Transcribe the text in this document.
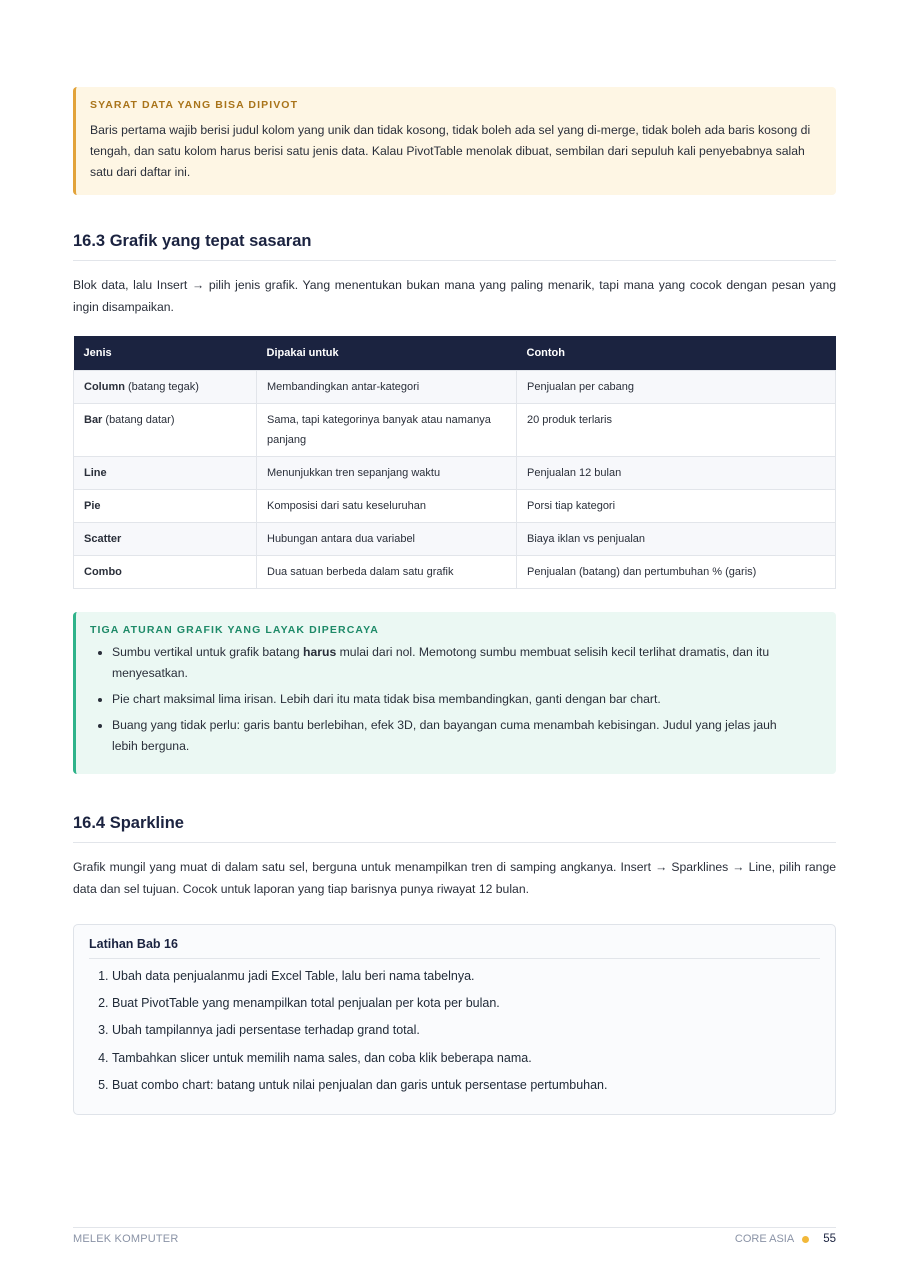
SYARAT DATA YANG BISA DIPIVOT
Baris pertama wajib berisi judul kolom yang unik dan tidak kosong, tidak boleh ada sel yang di-merge, tidak boleh ada baris kosong di tengah, dan satu kolom harus berisi satu jenis data. Kalau PivotTable menolak dibuat, sembilan dari sepuluh kali penyebabnya salah satu dari daftar ini.
16.3 Grafik yang tepat sasaran

Blok data, lalu Insert → pilih jenis grafik. Yang menentukan bukan mana yang paling menarik, tapi mana yang cocok dengan pesan yang ingin disampaikan.

Jenis	Dipakai untuk	Contoh
Column (batang tegak)	Membandingkan antar-kategori	Penjualan per cabang
Bar (batang datar)	Sama, tapi kategorinya banyak atau namanya panjang	20 produk terlaris
Line	Menunjukkan tren sepanjang waktu	Penjualan 12 bulan
Pie	Komposisi dari satu keseluruhan	Porsi tiap kategori
Scatter	Hubungan antara dua variabel	Biaya iklan vs penjualan
Combo	Dua satuan berbeda dalam satu grafik	Penjualan (batang) dan pertumbuhan % (garis)
TIGA ATURAN GRAFIK YANG LAYAK DIPERCAYA
• Sumbu vertikal untuk grafik batang harus mulai dari nol. Memotong sumbu membuat selisih kecil terlihat dramatis, dan itu menyesatkan.
• Pie chart maksimal lima irisan. Lebih dari itu mata tidak bisa membandingkan, ganti dengan bar chart.
• Buang yang tidak perlu: garis bantu berlebihan, efek 3D, dan bayangan cuma menambah kebisingan. Judul yang jelas jauh lebih berguna.
16.4 Sparkline

Grafik mungil yang muat di dalam satu sel, berguna untuk menampilkan tren di samping angkanya. Insert → Sparklines → Line, pilih range data dan sel tujuan. Cocok untuk laporan yang tiap barisnya punya riwayat 12 bulan.

Latihan Bab 16
1. Ubah data penjualanmu jadi Excel Table, lalu beri nama tabelnya.
2. Buat PivotTable yang menampilkan total penjualan per kota per bulan.
3. Ubah tampilannya jadi persentase terhadap grand total.
4. Tambahkan slicer untuk memilih nama sales, dan coba klik beberapa nama.
5. Buat combo chart: batang untuk nilai penjualan dan garis untuk persentase pertumbuhan.
MELEK KOMPUTER	CORE ASIA	55
